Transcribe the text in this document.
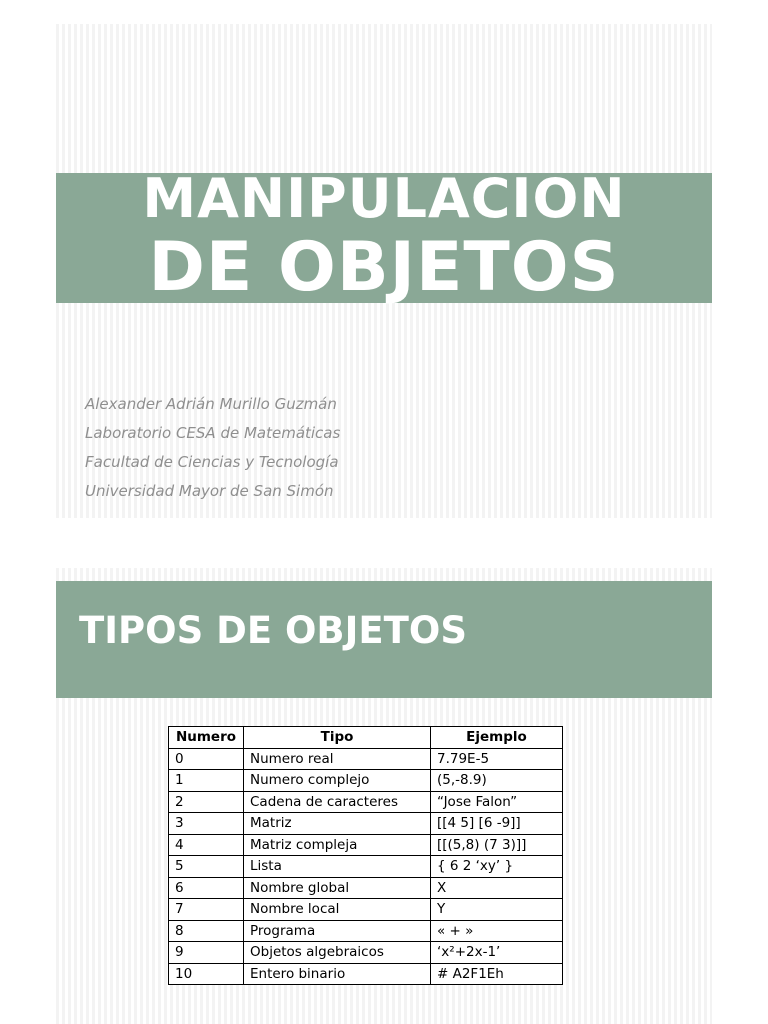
MANIPULACION
DE OBJETOS
Alexander Adrián Murillo Guzmán
Laboratorio CESA de Matemáticas
Facultad de Ciencias y Tecnología
Universidad Mayor de San Simón
TIPOS DE OBJETOS
Numero	Tipo	Ejemplo
0	Numero real	7.79E-5
1	Numero complejo	(5,-8.9)
2	Cadena de caracteres	“Jose Falon”
3	Matriz	[[4 5] [6 -9]]
4	Matriz compleja	[[(5,8) (7 3)]]
5	Lista	{ 6 2 ‘xy’ }
6	Nombre global	X
7	Nombre local	Y
8	Programa	« + »
9	Objetos algebraicos	‘x²+2x-1’
10	Entero binario	# A2F1Eh
